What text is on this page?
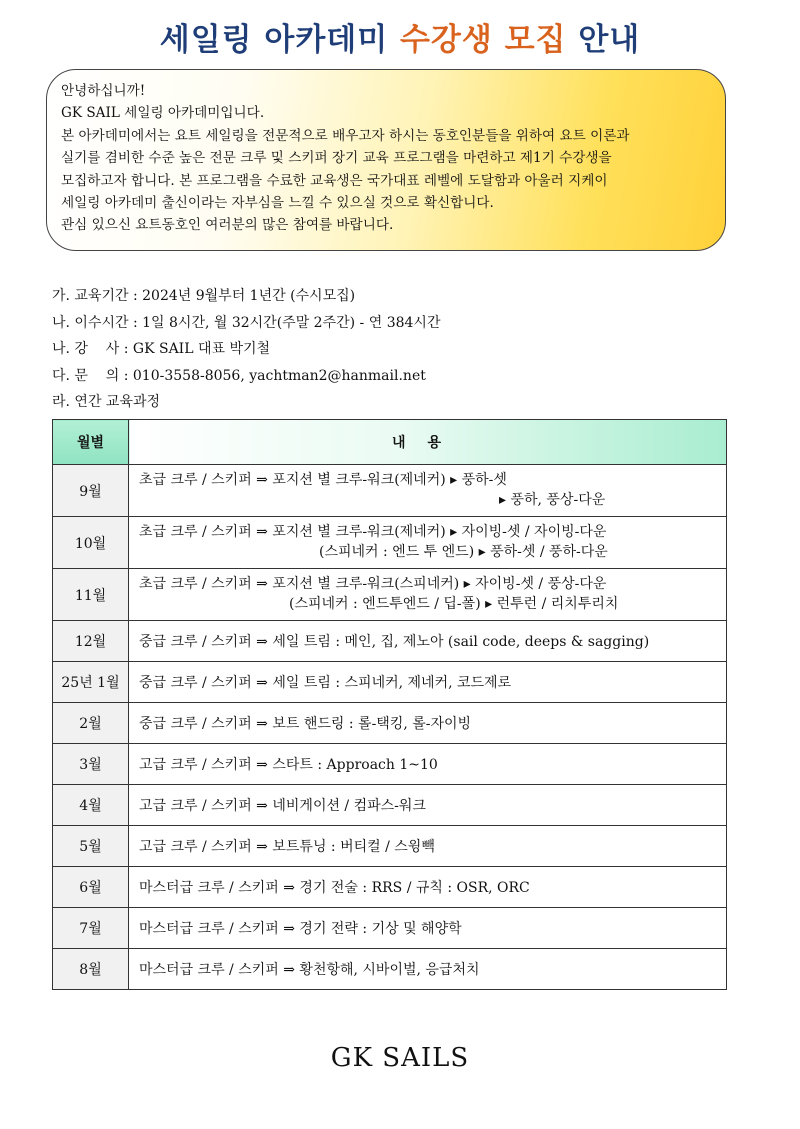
세일링 아카데미 수강생 모집 안내

안녕하십니까!

GK SAIL 세일링 아카데미입니다.

본 아카데미에서는 요트 세일링을 전문적으로 배우고자 하시는 동호인분들을 위하여 요트 이론과

실기를 겸비한 수준 높은 전문 크루 및 스키퍼 장기 교육 프로그램을 마련하고 제1기 수강생을

모집하고자 합니다. 본 프로그램을 수료한 교육생은 국가대표 레벨에 도달함과 아울러 지케이

세일링 아카데미 출신이라는 자부심을 느낄 수 있으실 것으로 확신합니다.

관심 있으신 요트동호인 여러분의 많은 참여를 바랍니다.

가. 교육기간 : 2024년 9월부터 1년간 (수시모집)
나. 이수시간 : 1일 8시간, 월 32시간(주말 2주간) - 연 384시간
나. 강    사 : GK SAIL 대표 박기철
다. 문    의 : 010-3558-8056, yachtman2@hanmail.net
라. 연간 교육과정
월별	내용
9월	초급 크루 / 스키퍼 ⇒ 포지션 별 크루-워크(제네커) ▸ 풍하-셋
▸ 풍하, 풍상-다운

10월	초급 크루 / 스키퍼 ⇒ 포지션 별 크루-워크(제네커) ▸ 자이빙-셋 / 자이빙-다운
(스피네커 : 엔드 투 엔드) ▸ 풍하-셋 / 풍하-다운

11월	초급 크루 / 스키퍼 ⇒ 포지션 별 크루-워크(스피네커) ▸ 자이빙-셋 / 풍상-다운
(스피네커 : 엔드투엔드 / 딥-폴) ▸ 런투런 / 리치투리치

12월	중급 크루 / 스키퍼 ⇒ 세일 트림 : 메인, 집, 제노아 (sail code, deeps & sagging)
25년 1월	중급 크루 / 스키퍼 ⇒ 세일 트림 : 스피네커, 제네커, 코드제로
2월	중급 크루 / 스키퍼 ⇒ 보트 핸드링 : 롤-택킹, 롤-자이빙
3월	고급 크루 / 스키퍼 ⇒ 스타트 : Approach 1~10
4월	고급 크루 / 스키퍼 ⇒ 네비게이션 / 컴파스-워크
5월	고급 크루 / 스키퍼 ⇒ 보트튜닝 : 버티컬 / 스윙빽
6월	마스터급 크루 / 스키퍼 ⇒ 경기 전술 : RRS / 규칙 : OSR, ORC
7월	마스터급 크루 / 스키퍼 ⇒ 경기 전략 : 기상 및 해양학
8월	마스터급 크루 / 스키퍼 ⇒ 황천항해, 시바이벌, 응급처치
GK SAILS
